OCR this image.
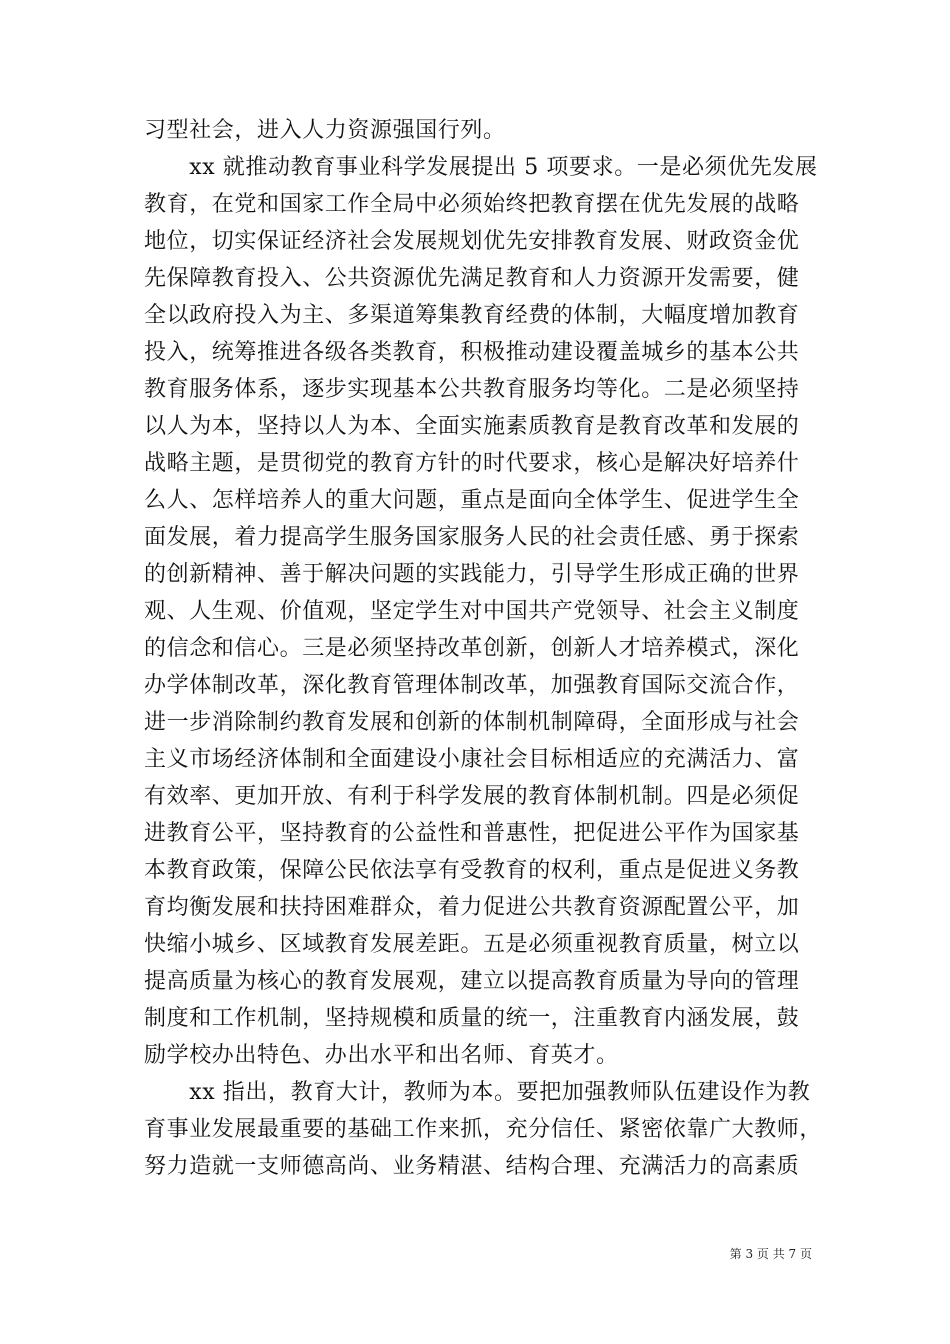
习型社会，进入人力资源强国行列。
　　xx 就推动教育事业科学发展提出 5 项要求。一是必须优先发展
教育，在党和国家工作全局中必须始终把教育摆在优先发展的战略
地位，切实保证经济社会发展规划优先安排教育发展、财政资金优
先保障教育投入、公共资源优先满足教育和人力资源开发需要，健
全以政府投入为主、多渠道筹集教育经费的体制，大幅度增加教育
投入，统筹推进各级各类教育，积极推动建设覆盖城乡的基本公共
教育服务体系，逐步实现基本公共教育服务均等化。二是必须坚持
以人为本，坚持以人为本、全面实施素质教育是教育改革和发展的
战略主题，是贯彻党的教育方针的时代要求，核心是解决好培养什
么人、怎样培养人的重大问题，重点是面向全体学生、促进学生全
面发展，着力提高学生服务国家服务人民的社会责任感、勇于探索
的创新精神、善于解决问题的实践能力，引导学生形成正确的世界
观、人生观、价值观，坚定学生对中国共产党领导、社会主义制度
的信念和信心。三是必须坚持改革创新，创新人才培养模式，深化
办学体制改革，深化教育管理体制改革，加强教育国际交流合作，
进一步消除制约教育发展和创新的体制机制障碍，全面形成与社会
主义市场经济体制和全面建设小康社会目标相适应的充满活力、富
有效率、更加开放、有利于科学发展的教育体制机制。四是必须促
进教育公平，坚持教育的公益性和普惠性，把促进公平作为国家基
本教育政策，保障公民依法享有受教育的权利，重点是促进义务教
育均衡发展和扶持困难群众，着力促进公共教育资源配置公平，加
快缩小城乡、区域教育发展差距。五是必须重视教育质量，树立以
提高质量为核心的教育发展观，建立以提高教育质量为导向的管理
制度和工作机制，坚持规模和质量的统一，注重教育内涵发展，鼓
励学校办出特色、办出水平和出名师、育英才。
　　xx 指出，教育大计，教师为本。要把加强教师队伍建设作为教
育事业发展最重要的基础工作来抓，充分信任、紧密依靠广大教师，
努力造就一支师德高尚、业务精湛、结构合理、充满活力的高素质
第 3 页 共 7 页
